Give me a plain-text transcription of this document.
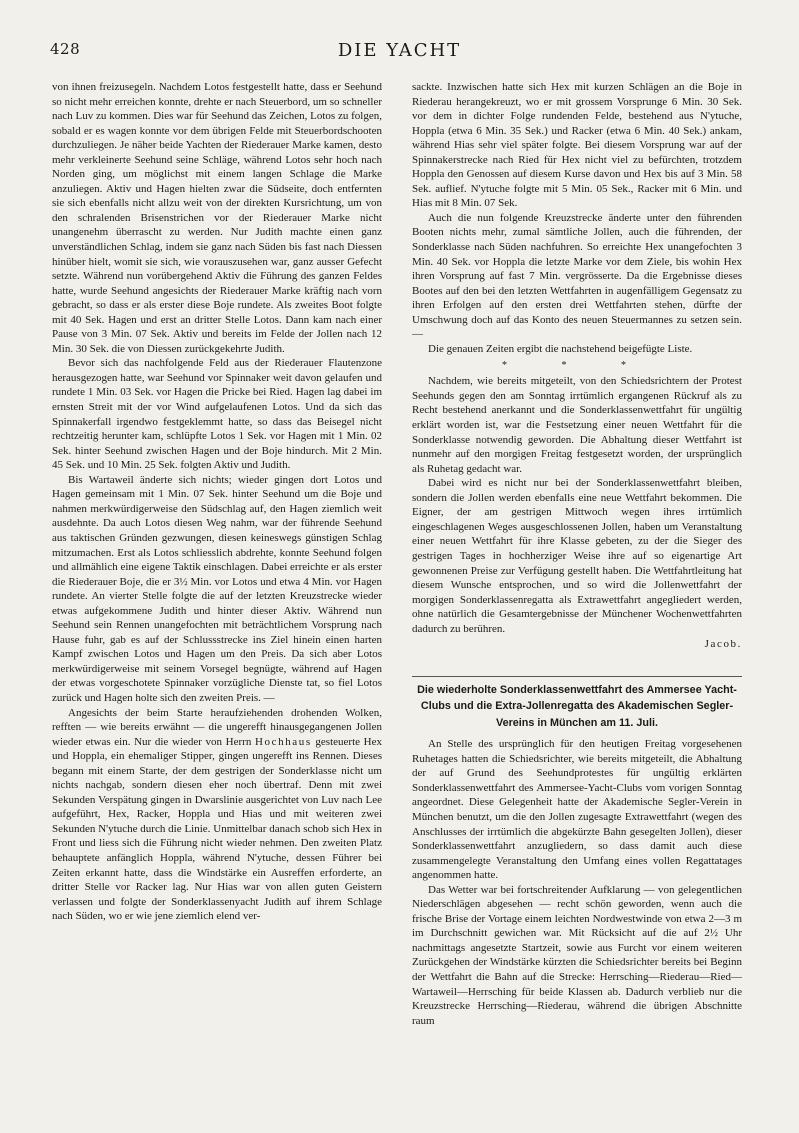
428	DIE YACHT

von ihnen freizusegeln. Nachdem Lotos festgestellt hatte, dass er Seehund so nicht mehr erreichen konnte, drehte er nach Steuerbord, um so schneller nach Luv zu kommen. Dies war für Seehund das Zeichen, Lotos zu folgen, sobald er es wagen konnte vor dem übrigen Felde mit Steuerbordschooten durchzuliegen. Je näher beide Yachten der Riederauer Marke kamen, desto mehr verkleinerte Seehund seine Schläge, während Lotos sehr hoch nach Norden ging, um möglichst mit einem langen Schlage die Marke anzuliegen. Aktiv und Hagen hielten zwar die Südseite, doch entfernten sie sich ebenfalls nicht allzu weit von der direkten Kursrichtung, um von den schralenden Brisenstrichen vor der Riederauer Marke nicht unangenehm überrascht zu werden. Nur Judith machte einen ganz unverständlichen Schlag, indem sie ganz nach Süden bis fast nach Diessen hinüber hielt, womit sie sich, wie vorauszusehen war, ganz ausser Gefecht setzte. Während nun vorübergehend Aktiv die Führung des ganzen Feldes hatte, wurde Seehund angesichts der Riederauer Marke kräftig nach vorn gebracht, so dass er als erster diese Boje rundete. Als zweites Boot folgte mit 40 Sek. Hagen und erst an dritter Stelle Lotos. Dann kam nach einer Pause von 3 Min. 07 Sek. Aktiv und bereits im Felde der Jollen nach 12 Min. 30 Sek. die von Diessen zurückgekehrte Judith.

Bevor sich das nachfolgende Feld aus der Riederauer Flautenzone herausgezogen hatte, war Seehund vor Spinnaker weit davon gelaufen und rundete 1 Min. 03 Sek. vor Hagen die Pricke bei Ried. Hagen lag dabei im ernsten Streit mit der vor Wind aufgelaufenen Lotos. Und da sich das Spinnakerfall irgendwo festgeklemmt hatte, so dass das Beisegel nicht rechtzeitig herunter kam, schlüpfte Lotos 1 Sek. vor Hagen mit 1 Min. 02 Sek. hinter Seehund zwischen Hagen und der Boje hindurch. Mit 2 Min. 45 Sek. und 10 Min. 25 Sek. folgten Aktiv und Judith.

Bis Wartaweil änderte sich nichts; wieder gingen dort Lotos und Hagen gemeinsam mit 1 Min. 07 Sek. hinter Seehund um die Boje und nahmen merkwürdigerweise den Südschlag auf, den Hagen ziemlich weit ausdehnte. Da auch Lotos diesen Weg nahm, war der führende Seehund aus taktischen Gründen gezwungen, diesen keineswegs günstigen Schlag mitzumachen. Erst als Lotos schliesslich abdrehte, konnte Seehund folgen und allmählich eine eigene Taktik einschlagen. Dabei erreichte er als erster die Riederauer Boje, die er 3½ Min. vor Lotos und etwa 4 Min. vor Hagen rundete. An vierter Stelle folgte die auf der letzten Kreuzstrecke wieder etwas aufgekommene Judith und hinter dieser Aktiv. Während nun Seehund sein Rennen unangefochten mit beträchtlichem Vorsprung nach Hause fuhr, gab es auf der Schlussstrecke ins Ziel hinein einen harten Kampf zwischen Lotos und Hagen um den Preis. Da sich aber Lotos merkwürdigerweise mit seinem Vorsegel begnügte, während auf Hagen der etwas vorgeschotete Spinnaker vorzügliche Dienste tat, so fiel Lotos zurück und Hagen holte sich den zweiten Preis. —

Angesichts der beim Starte heraufziehenden drohenden Wolken, refften — wie bereits erwähnt — die ungerefft hinausgegangenen Jollen wieder etwas ein. Nur die wieder von Herrn Hochhaus gesteuerte Hex und Hoppla, ein ehemaliger Stipper, gingen ungerefft ins Rennen. Dieses begann mit einem Starte, der dem gestrigen der Sonderklasse nicht um nichts nachgab, sondern diesen eher noch übertraf. Denn mit zwei Sekunden Verspätung gingen in Dwarslinie ausgerichtet von Luv nach Lee aufgeführt, Hex, Racker, Hoppla und Hias und mit weiteren zwei Sekunden N'ytuche durch die Linie. Unmittelbar danach schob sich Hex in Front und liess sich die Führung nicht wieder nehmen. Den zweiten Platz behauptete anfänglich Hoppla, während N'ytuche, dessen Führer bei Zeiten erkannt hatte, dass die Windstärke ein Ausreffen erforderte, an dritter Stelle vor Racker lag. Nur Hias war von allen guten Geistern verlassen und folgte der Sonderklassenyacht Judith auf ihrem Schlage nach Süden, wo er wie jene ziemlich elend ver-

sackte. Inzwischen hatte sich Hex mit kurzen Schlägen an die Boje in Riederau herangekreuzt, wo er mit grossem Vorsprunge 6 Min. 30 Sek. vor dem in dichter Folge rundenden Felde, bestehend aus N'ytuche, Hoppla (etwa 6 Min. 35 Sek.) und Racker (etwa 6 Min. 40 Sek.) ankam, während Hias sehr viel später folgte. Bei diesem Vorsprung war auf der Spinnakerstrecke nach Ried für Hex nicht viel zu befürchten, trotzdem Hoppla den Genossen auf diesem Kurse davon und Hex bis auf 3 Min. 58 Sek. auflief. N'ytuche folgte mit 5 Min. 05 Sek., Racker mit 6 Min. und Hias mit 8 Min. 07 Sek.

Auch die nun folgende Kreuzstrecke änderte unter den führenden Booten nichts mehr, zumal sämtliche Jollen, auch die führenden, der Sonderklasse nach Süden nachfuhren. So erreichte Hex unangefochten 3 Min. 40 Sek. vor Hoppla die letzte Marke vor dem Ziele, bis wohin Hex ihren Vorsprung auf fast 7 Min. vergrösserte. Da die Ergebnisse dieses Bootes auf den bei den letzten Wettfahrten in augenfälligem Gegensatz zu ihren Erfolgen auf den ersten drei Wettfahrten stehen, dürfte der Umschwung doch auf das Konto des neuen Steuermannes zu setzen sein. —

Die genauen Zeiten ergibt die nachstehend beigefügte Liste.

* * *

Nachdem, wie bereits mitgeteilt, von den Schiedsrichtern der Protest Seehunds gegen den am Sonntag irrtümlich ergangenen Rückruf als zu Recht bestehend anerkannt und die Sonderklassenwettfahrt für ungültig erklärt worden ist, war die Festsetzung einer neuen Wettfahrt für die Sonderklasse notwendig geworden. Die Abhaltung dieser Wettfahrt ist nunmehr auf den morgigen Freitag festgesetzt worden, der ursprünglich als Ruhetag gedacht war.

Dabei wird es nicht nur bei der Sonderklassenwettfahrt bleiben, sondern die Jollen werden ebenfalls eine neue Wettfahrt bekommen. Die Eigner, der am gestrigen Mittwoch wegen ihres irrtümlich eingeschlagenen Weges ausgeschlossenen Jollen, haben um Veranstaltung einer neuen Wettfahrt für ihre Klasse gebeten, zu der die Sieger des gestrigen Tages in hochherziger Weise ihre auf so eigenartige Art gewonnenen Preise zur Verfügung gestellt haben. Die Wettfahrtleitung hat diesem Wunsche entsprochen, und so wird die Jollenwettfahrt der morgigen Sonderklassenregatta als Extrawettfahrt angegliedert werden, ohne natürlich die Gesamtergebnisse der Münchener Wochenwettfahrten dadurch zu berühren.

Jacob.
Die wiederholte Sonderklassenwettfahrt des Ammersee Yacht-Clubs und die Extra-Jollenregatta des Akademischen Segler-Vereins in München am 11. Juli.

An Stelle des ursprünglich für den heutigen Freitag vorgesehenen Ruhetages hatten die Schiedsrichter, wie bereits mitgeteilt, die Abhaltung der auf Grund des Seehundprotestes für ungültig erklärten Sonderklassenwettfahrt des Ammersee-Yacht-Clubs vom vorigen Sonntag angeordnet. Diese Gelegenheit hatte der Akademische Segler-Verein in München benutzt, um die den Jollen zugesagte Extrawettfahrt (wegen des Anschlusses der irrtümlich die abgekürzte Bahn gesegelten Jollen), dieser Sonderklassenwettfahrt anzugliedern, so dass damit auch diese zusammengelegte Veranstaltung den Umfang eines vollen Regattatages angenommen hatte.

Das Wetter war bei fortschreitender Aufklarung — von gelegentlichen Niederschlägen abgesehen — recht schön geworden, wenn auch die frische Brise der Vortage einem leichten Nordwestwinde von etwa 2—3 m im Durchschnitt gewichen war. Mit Rücksicht auf die auf 2½ Uhr nachmittags angesetzte Startzeit, sowie aus Furcht vor einem weiteren Zurückgehen der Windstärke kürzten die Schiedsrichter bereits bei Beginn der Wettfahrt die Bahn auf die Strecke: Herrsching—Riederau—Ried—Wartaweil—Herrsching für beide Klassen ab. Dadurch verblieb nur die Kreuzstrecke Herrsching—Riederau, während die übrigen Abschnitte raum
